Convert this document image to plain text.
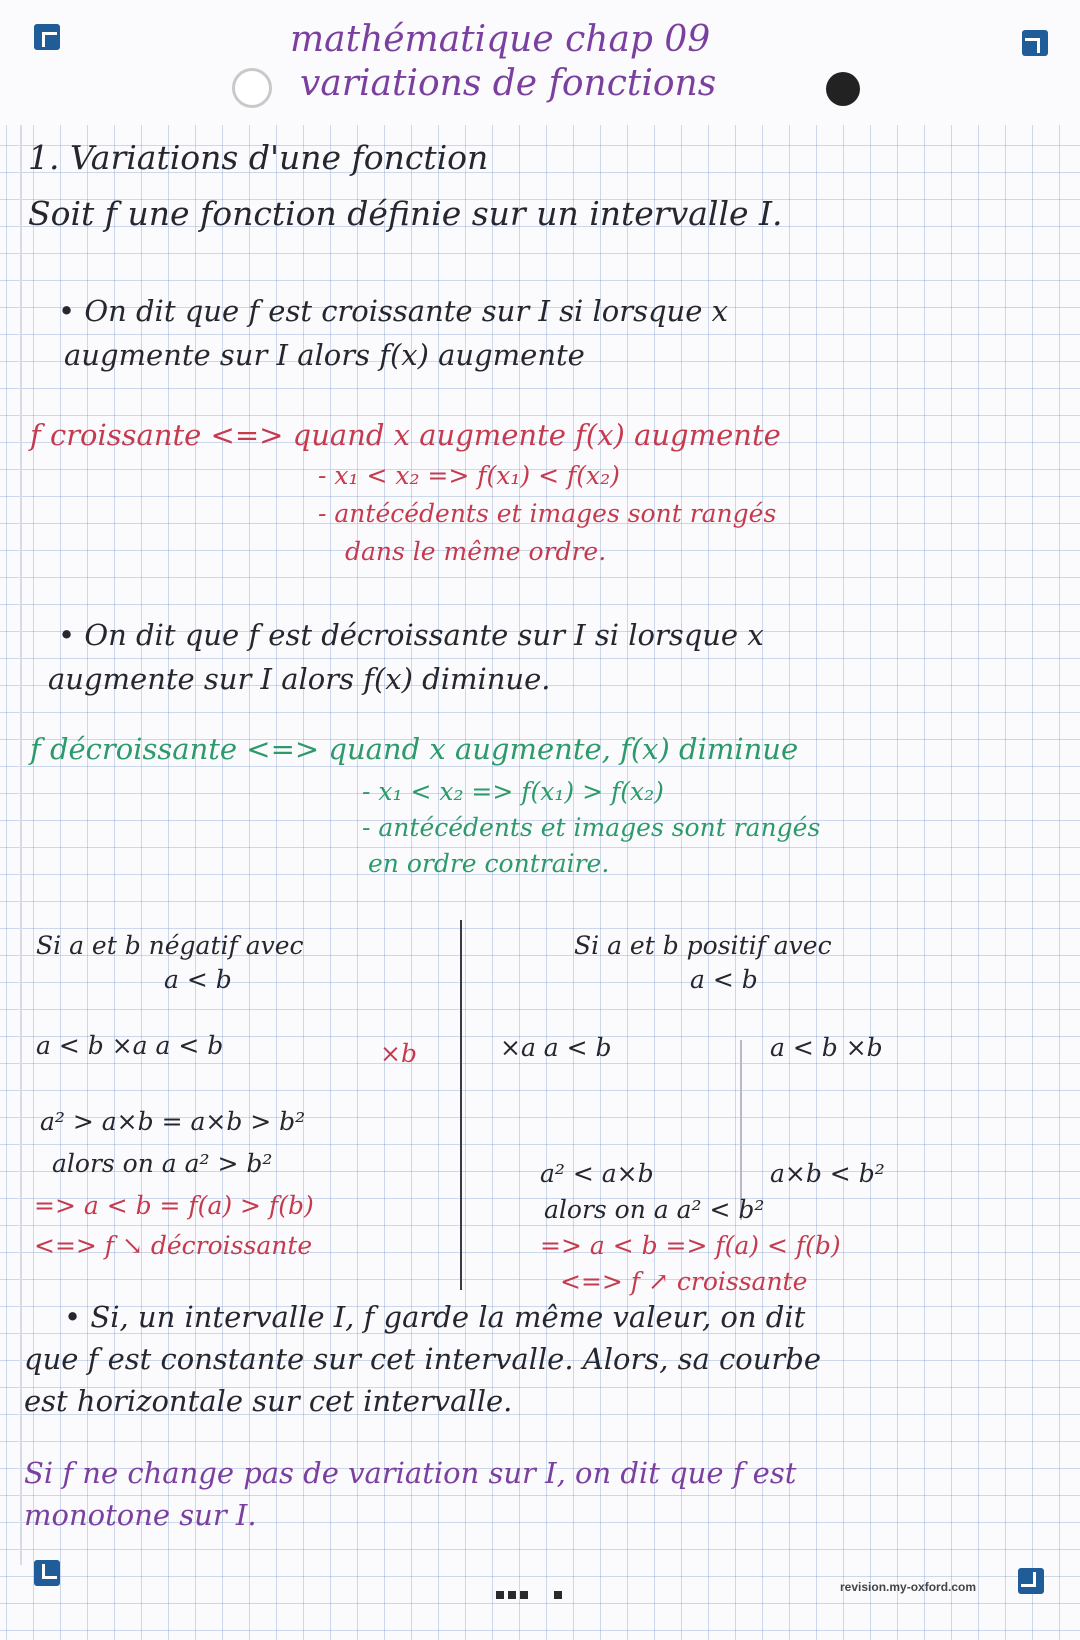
mathématique chap 09
variations de fonctions
1. Variations d'une fonction
Soit f une fonction définie sur un intervalle I.
• On dit que f est croissante sur I si lorsque x
augmente sur I alors f(x) augmente
f croissante <=> quand x augmente f(x) augmente
- x₁ < x₂ => f(x₁) < f(x₂)
- antécédents et images sont rangés
dans le même ordre.
• On dit que f est décroissante sur I si lorsque x
augmente sur I alors f(x) diminue.
f décroissante <=> quand x augmente, f(x) diminue
- x₁ < x₂ => f(x₁) > f(x₂)
- antécédents et images sont rangés
en ordre contraire.
Si a et b négatif avec
a < b
a < b ×a a < b	×b
a² > a×b = a×b > b²
alors on a a² > b²
=> a < b = f(a) > f(b)
<=> f ↘ décroissante
Si a et b positif avec
a < b
×a a < b	a < b ×b
a² < a×b	a×b < b²
alors on a a² < b²
=> a < b => f(a) < f(b)
<=> f ↗ croissante
• Si, un intervalle I, f garde la même valeur, on dit
que f est constante sur cet intervalle. Alors, sa courbe
est horizontale sur cet intervalle.
Si f ne change pas de variation sur I, on dit que f est
monotone sur I.
revision.my-oxford.com
